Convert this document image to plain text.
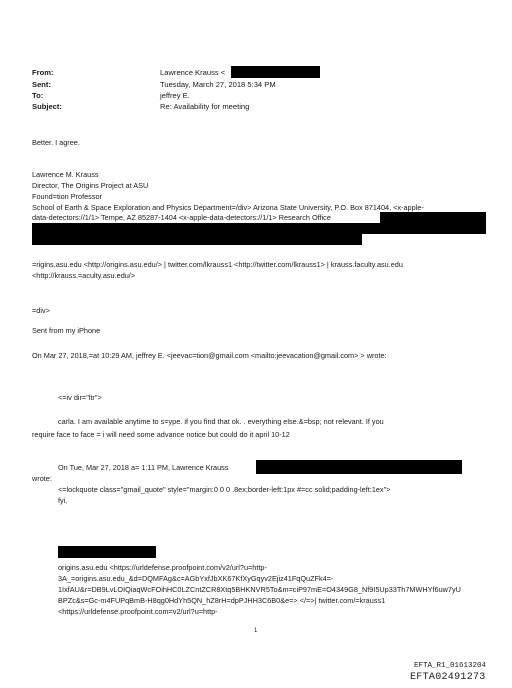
From:	Lawrence Krauss <
Sent:	Tuesday, March 27, 2018 5:34 PM
To:	jeffrey E.
Subject:	Re: Availability for meeting
Better. I agree.
Lawrence M. Krauss
Director, The Origins Project at ASU
Found=tion Professor
School of Earth & Space Exploration and Physics Department=/div> Arizona State University, P.O. Box 871404, <x-apple-
data-detectors://1/1> Tempe, AZ 85287-1404 <x-apple-data-detectors://1/1> Research Office
=rigins.asu.edu <http://origins.asu.edu/> | twitter.com/lkrauss1 <http://twitter.com/lkrauss1> | krauss.faculty.asu.edu
<http://krauss.=aculty.asu.edu/>
=div>
Sent from my iPhone
On Mar 27, 2018,=at 10:29 AM, jeffrey E. <jeevac=tion@gmail.com <mailto:jeevacation@gmail.com> > wrote:
<=iv dir="ltr">
carla. I am available anytime to s=ype. if you find that ok. . everything else.&=bsp; not relevant. If you
require face to face = i will need some advance notice but could do it april 10-12
On Tue, Mar 27, 2018 a= 1:11 PM, Lawrence Krauss
wrote:
<=lockquote class="gmail_quote" style="margin:0 0 0 .8ex;border-left:1px #=cc solid;padding-left:1ex">
fyi.
origins.asu.edu <https://urldefense.proofpoint.com/v2/url?u=http-
3A_=origins.asu.edu_&d=DQMFAg&c=AGbYxfJbXK67KfXyGqyv2Ejiz41FqQuZFk4=-
1IxfAU&r=DB9LvLOIQiaqWcFOihHC0LZCntZCR8Xtq5BHKNVR5To&m=ciP97mE=O4349G8_Nf9I5Up33Th7MWHYf6uw7yU
BPZc&s=Gc-m4FUPqBmB-H8qg0HdYh5QN_hZ8rH=dpPJHH3C6B0&e=> </=>| twitter.com/=krauss1
<https://urldefense.proofpoint.com=v2/url?u=http-
1
EFTA_R1_01613204
EFTA02491273
